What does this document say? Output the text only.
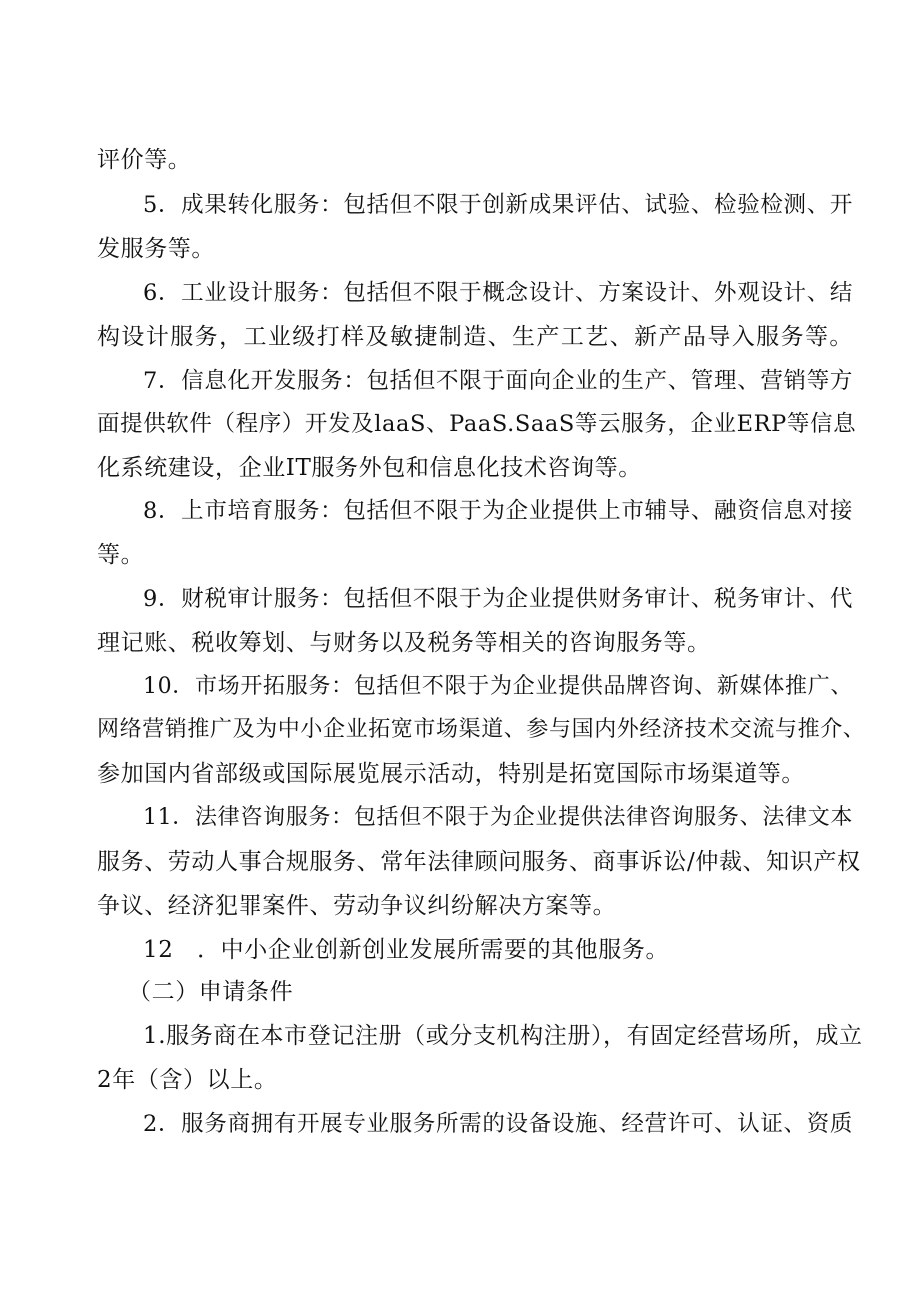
评价等。
5．成果转化服务：包括但不限于创新成果评估、试验、检验检测、开
发服务等。
6．工业设计服务：包括但不限于概念设计、方案设计、外观设计、结
构设计服务，工业级打样及敏捷制造、生产工艺、新产品导入服务等。
7．信息化开发服务：包括但不限于面向企业的生产、管理、营销等方
面提供软件（程序）开发及laaS、PaaS.SaaS等云服务，企业ERP等信息
化系统建设，企业IT服务外包和信息化技术咨询等。
8．上市培育服务：包括但不限于为企业提供上市辅导、融资信息对接
等。
9．财税审计服务：包括但不限于为企业提供财务审计、税务审计、代
理记账、税收筹划、与财务以及税务等相关的咨询服务等。
10．市场开拓服务：包括但不限于为企业提供品牌咨询、新媒体推广、
网络营销推广及为中小企业拓宽市场渠道、参与国内外经济技术交流与推介、
参加国内省部级或国际展览展示活动，特别是拓宽国际市场渠道等。
11．法律咨询服务：包括但不限于为企业提供法律咨询服务、法律文本
服务、劳动人事合规服务、常年法律顾问服务、商事诉讼/仲裁、知识产权
争议、经济犯罪案件、劳动争议纠纷解决方案等。
12　．中小企业创新创业发展所需要的其他服务。
（二）申请条件
1.服务商在本市登记注册（或分支机构注册），有固定经营场所，成立
2年（含）以上。
2．服务商拥有开展专业服务所需的设备设施、经营许可、认证、资质
